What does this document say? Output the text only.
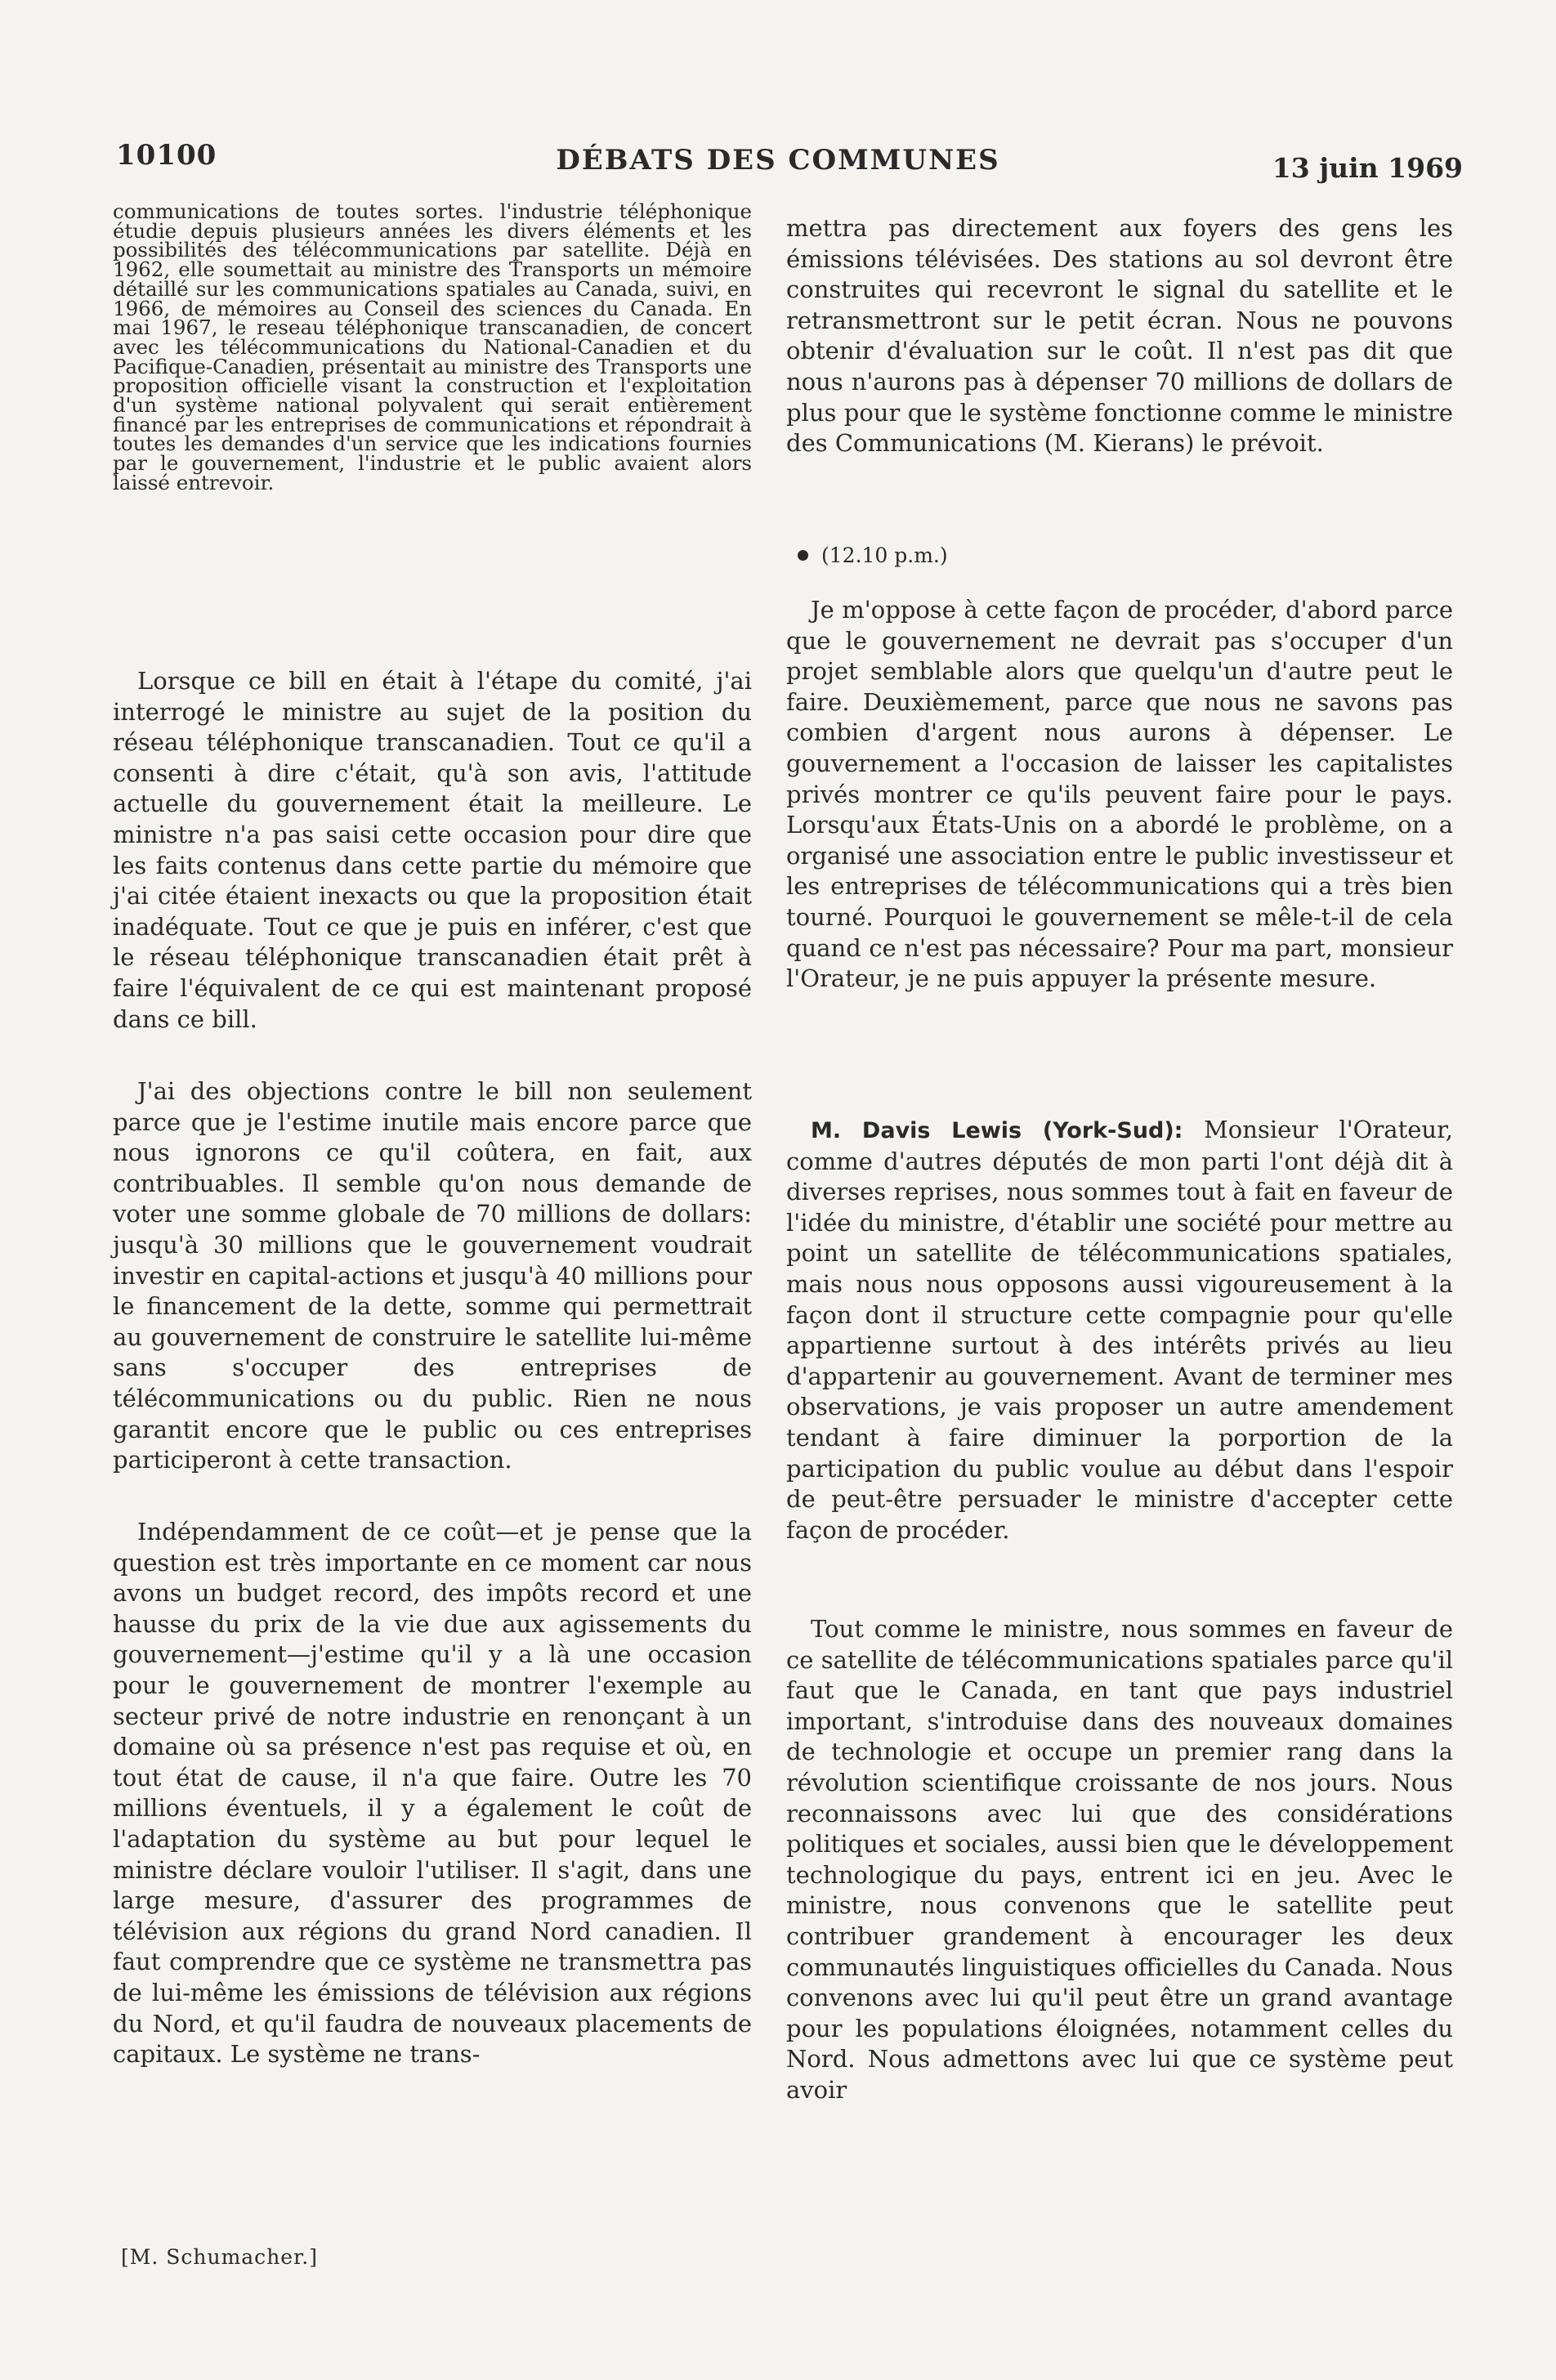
10100	DÉBATS DES COMMUNES	13 juin 1969

communications de toutes sortes. l'industrie téléphonique étudie depuis plusieurs années les divers éléments et les possibilités des télécommunications par satellite. Déjà en 1962, elle soumettait au ministre des Transports un mémoire détaillé sur les communications spatiales au Canada, suivi, en 1966, de mémoires au Conseil des sciences du Canada. En mai 1967, le reseau téléphonique transcanadien, de concert avec les télécommunications du National-Canadien et du Pacifique-Canadien, présentait au ministre des Transports une proposition officielle visant la construction et l'exploitation d'un système national polyvalent qui serait entièrement financé par les entreprises de communications et répondrait à toutes les demandes d'un service que les indications fournies par le gouvernement, l'industrie et le public avaient alors laissé entrevoir.

Lorsque ce bill en était à l'étape du comité, j'ai interrogé le ministre au sujet de la position du réseau téléphonique transcanadien. Tout ce qu'il a consenti à dire c'était, qu'à son avis, l'attitude actuelle du gouvernement était la meilleure. Le ministre n'a pas saisi cette occasion pour dire que les faits contenus dans cette partie du mémoire que j'ai citée étaient inexacts ou que la proposition était inadéquate. Tout ce que je puis en inférer, c'est que le réseau téléphonique transcanadien était prêt à faire l'équivalent de ce qui est maintenant proposé dans ce bill.

J'ai des objections contre le bill non seulement parce que je l'estime inutile mais encore parce que nous ignorons ce qu'il coûtera, en fait, aux contribuables. Il semble qu'on nous demande de voter une somme globale de 70 millions de dollars: jusqu'à 30 millions que le gouvernement voudrait investir en capital-actions et jusqu'à 40 millions pour le financement de la dette, somme qui permettrait au gouvernement de construire le satellite lui-même sans s'occuper des entreprises de télécommunications ou du public. Rien ne nous garantit encore que le public ou ces entreprises participeront à cette transaction.

Indépendamment de ce coût—et je pense que la question est très importante en ce moment car nous avons un budget record, des impôts record et une hausse du prix de la vie due aux agissements du gouvernement—j'estime qu'il y a là une occasion pour le gouvernement de montrer l'exemple au secteur privé de notre industrie en renonçant à un domaine où sa présence n'est pas requise et où, en tout état de cause, il n'a que faire. Outre les 70 millions éventuels, il y a également le coût de l'adaptation du système au but pour lequel le ministre déclare vouloir l'utiliser. Il s'agit, dans une large mesure, d'assurer des programmes de télévision aux régions du grand Nord canadien. Il faut comprendre que ce système ne transmettra pas de lui-même les émissions de télévision aux régions du Nord, et qu'il faudra de nouveaux placements de capitaux. Le système ne trans-

[M. Schumacher.]

mettra pas directement aux foyers des gens les émissions télévisées. Des stations au sol devront être construites qui recevront le signal du satellite et le retransmettront sur le petit écran. Nous ne pouvons obtenir d'évaluation sur le coût. Il n'est pas dit que nous n'aurons pas à dépenser 70 millions de dollars de plus pour que le système fonctionne comme le ministre des Communications (M. Kierans) le prévoit.

(12.10 p.m.)

Je m'oppose à cette façon de procéder, d'abord parce que le gouvernement ne devrait pas s'occuper d'un projet semblable alors que quelqu'un d'autre peut le faire. Deuxièmement, parce que nous ne savons pas combien d'argent nous aurons à dépenser. Le gouvernement a l'occasion de laisser les capitalistes privés montrer ce qu'ils peuvent faire pour le pays. Lorsqu'aux États-Unis on a abordé le problème, on a organisé une association entre le public investisseur et les entreprises de télécommunications qui a très bien tourné. Pourquoi le gouvernement se mêle-t-il de cela quand ce n'est pas nécessaire? Pour ma part, monsieur l'Orateur, je ne puis appuyer la présente mesure.

M. Davis Lewis (York-Sud): Monsieur l'Orateur, comme d'autres députés de mon parti l'ont déjà dit à diverses reprises, nous sommes tout à fait en faveur de l'idée du ministre, d'établir une société pour mettre au point un satellite de télécommunications spatiales, mais nous nous opposons aussi vigoureusement à la façon dont il structure cette compagnie pour qu'elle appartienne surtout à des intérêts privés au lieu d'appartenir au gouvernement. Avant de terminer mes observations, je vais proposer un autre amendement tendant à faire diminuer la porportion de la participation du public voulue au début dans l'espoir de peut-être persuader le ministre d'accepter cette façon de procéder.

Tout comme le ministre, nous sommes en faveur de ce satellite de télécommunications spatiales parce qu'il faut que le Canada, en tant que pays industriel important, s'introduise dans des nouveaux domaines de technologie et occupe un premier rang dans la révolution scientifique croissante de nos jours. Nous reconnaissons avec lui que des considérations politiques et sociales, aussi bien que le développement technologique du pays, entrent ici en jeu. Avec le ministre, nous convenons que le satellite peut contribuer grandement à encourager les deux communautés linguistiques officielles du Canada. Nous convenons avec lui qu'il peut être un grand avantage pour les populations éloignées, notamment celles du Nord. Nous admettons avec lui que ce système peut avoir
